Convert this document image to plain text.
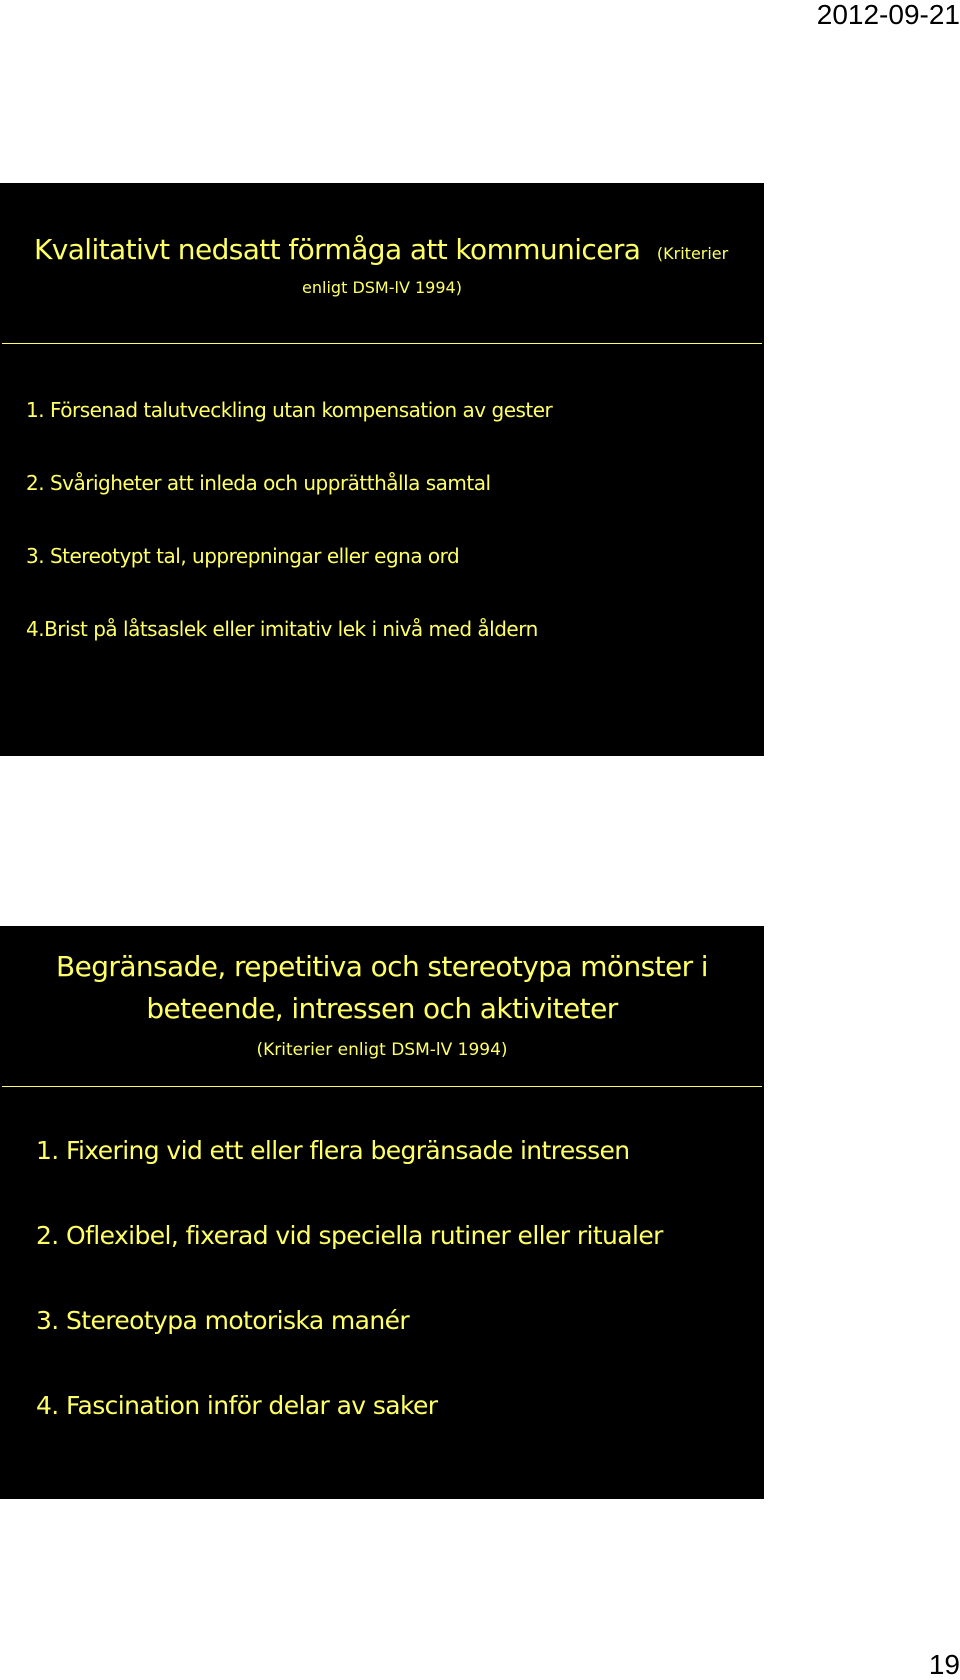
2012-09-21
Kvalitativt nedsatt förmåga att kommunicera (Kriterier
enligt DSM-lV 1994)
1. Försenad talutveckling utan kompensation av gester
2. Svårigheter att inleda och upprätthålla samtal
3. Stereotypt tal, upprepningar eller egna ord
4.Brist på låtsaslek eller imitativ lek i nivå med åldern
Begränsade, repetitiva och stereotypa mönster i
beteende, intressen och aktiviteter
(Kriterier enligt DSM-lV 1994)
1. Fixering vid ett eller flera begränsade intressen
2. Oflexibel, fixerad vid speciella rutiner eller ritualer
3. Stereotypa motoriska manér
4. Fascination inför delar av saker
19
